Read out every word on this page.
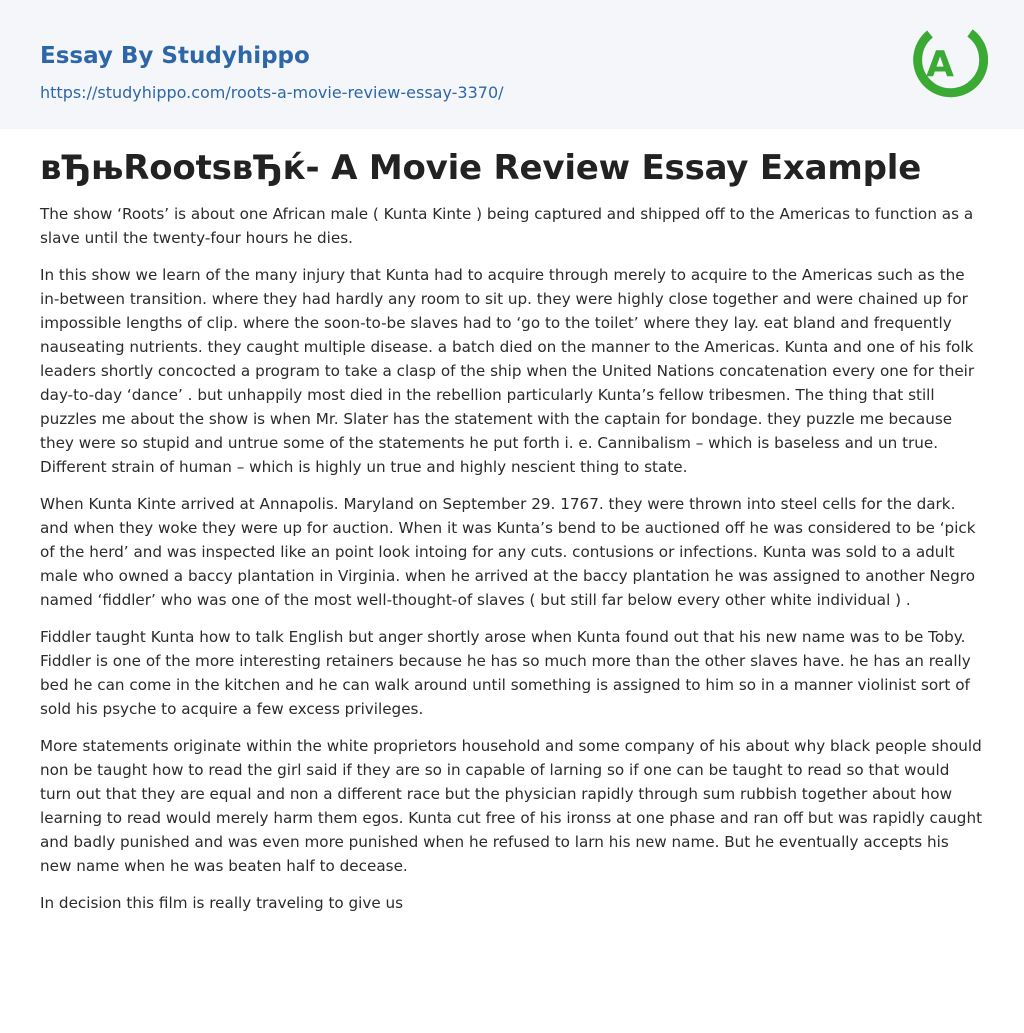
Essay By Studyhippo
https://studyhippo.com/roots-a-movie-review-essay-3370/
A
вЂњRootsвЂќ- A Movie Review Essay Example

The show ‘Roots’ is about one African male ( Kunta Kinte ) being captured and shipped off to the Americas to function as a slave until the twenty-four hours he dies.

In this show we learn of the many injury that Kunta had to acquire through merely to acquire to the Americas such as the in-between transition. where they had hardly any room to sit up. they were highly close together and were chained up for impossible lengths of clip. where the soon-to-be slaves had to ‘go to the toilet’ where they lay. eat bland and frequently nauseating nutrients. they caught multiple disease. a batch died on the manner to the Americas. Kunta and one of his folk leaders shortly concocted a program to take a clasp of the ship when the United Nations concatenation every one for their day-to-day ‘dance’ . but unhappily most died in the rebellion particularly Kunta’s fellow tribesmen. The thing that still puzzles me about the show is when Mr. Slater has the statement with the captain for bondage. they puzzle me because they were so stupid and untrue some of the statements he put forth i. e. Cannibalism – which is baseless and un true. Different strain of human – which is highly un true and highly nescient thing to state.

When Kunta Kinte arrived at Annapolis. Maryland on September 29. 1767. they were thrown into steel cells for the dark. and when they woke they were up for auction. When it was Kunta’s bend to be auctioned off he was considered to be ‘pick of the herd’ and was inspected like an point look intoing for any cuts. contusions or infections. Kunta was sold to a adult male who owned a baccy plantation in Virginia. when he arrived at the baccy plantation he was assigned to another Negro named ‘fiddler’ who was one of the most well-thought-of slaves ( but still far below every other white individual ) .

Fiddler taught Kunta how to talk English but anger shortly arose when Kunta found out that his new name was to be Toby. Fiddler is one of the more interesting retainers because he has so much more than the other slaves have. he has an really bed he can come in the kitchen and he can walk around until something is assigned to him so in a manner violinist sort of sold his psyche to acquire a few excess privileges.

More statements originate within the white proprietors household and some company of his about why black people should non be taught how to read the girl said if they are so in capable of larning so if one can be taught to read so that would turn out that they are equal and non a different race but the physician rapidly through sum rubbish together about how learning to read would merely harm them egos. Kunta cut free of his ironss at one phase and ran off but was rapidly caught and badly punished and was even more punished when he refused to larn his new name. But he eventually accepts his new name when he was beaten half to decease.

In decision this film is really traveling to give us
